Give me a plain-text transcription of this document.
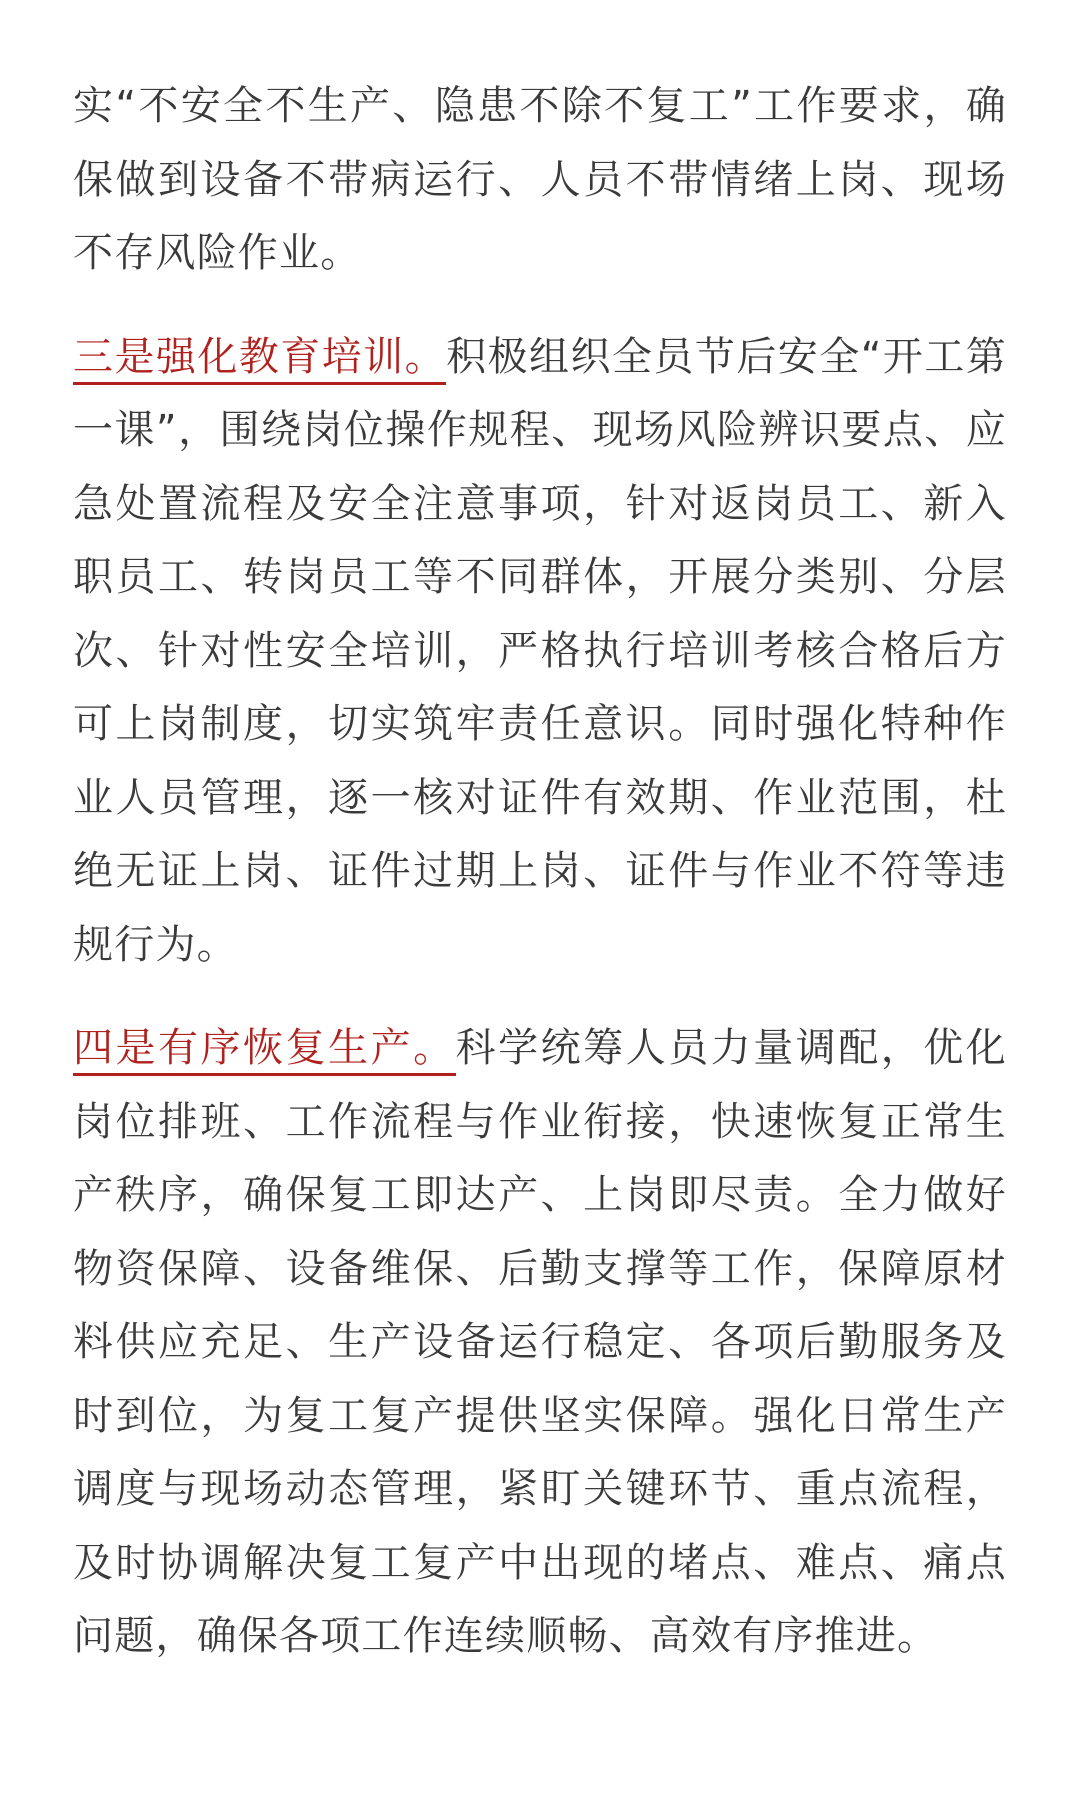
实“不安全不生产、隐患不除不复工”工作要求，确保做到设备不带病运行、人员不带情绪上岗、现场不存风险作业。

三是强化教育培训。积极组织全员节后安全“开工第一课”，围绕岗位操作规程、现场风险辨识要点、应急处置流程及安全注意事项，针对返岗员工、新入职员工、转岗员工等不同群体，开展分类别、分层次、针对性安全培训，严格执行培训考核合格后方可上岗制度，切实筑牢责任意识。同时强化特种作业人员管理，逐一核对证件有效期、作业范围，杜绝无证上岗、证件过期上岗、证件与作业不符等违规行为。

四是有序恢复生产。科学统筹人员力量调配，优化岗位排班、工作流程与作业衔接，快速恢复正常生产秩序，确保复工即达产、上岗即尽责。全力做好物资保障、设备维保、后勤支撑等工作，保障原材料供应充足、生产设备运行稳定、各项后勤服务及时到位，为复工复产提供坚实保障。强化日常生产调度与现场动态管理，紧盯关键环节、重点流程，及时协调解决复工复产中出现的堵点、难点、痛点问题，确保各项工作连续顺畅、高效有序推进。
